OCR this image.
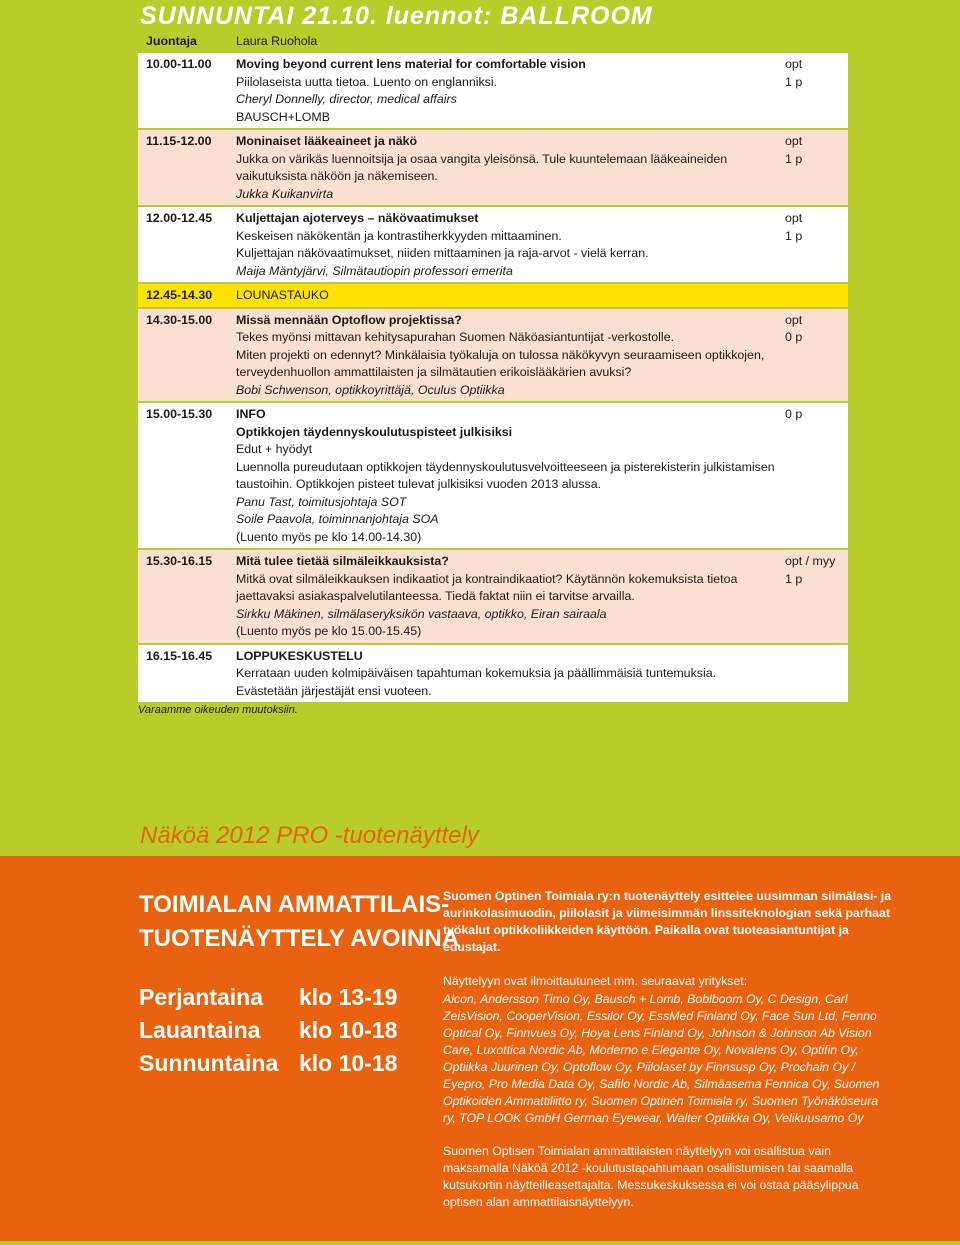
SUNNUNTAI 21.10. luennot: BALLROOM
Juontaja	Laura Ruohola
10.00-11.00 Moving beyond current lens material for comfortable vision
Piilolaseista uutta tietoa. Luento on englanniksi.
Cheryl Donnelly, director, medical affairs
BAUSCH+LOMB
opt
1 p
11.15-12.00 Moninaiset lääkeaineet ja näkö
Jukka on värikäs luennoitsija ja osaa vangita yleisönsä. Tule kuuntelemaan lääkeaineiden vaikutuksista näköön ja näkemiseen.
Jukka Kuikanvirta
opt
1 p
12.00-12.45 Kuljettajan ajoterveys – näkövaatimukset
Keskeisen näkökentän ja kontrastiherkkyyden mittaaminen.
Kuljettajan näkövaatimukset, niiden mittaaminen ja raja-arvot - vielä kerran.
Maija Mäntyjärvi, Silmätautiopin professori emerita
opt
1 p
12.45-14.30 LOUNASTAUKO
14.30-15.00 Missä mennään Optoflow projektissa?
Tekes myönsi mittavan kehitysapurahan Suomen Näköasiantuntijat -verkostolle.
Miten projekti on edennyt? Minkälaisia työkaluja on tulossa näkökyvyn seuraamiseen optikkojen, terveydenhuollon ammattilaisten ja silmätautien erikoislääkärien avuksi?
Bobi Schwenson, optikkoyrittäjä, Oculus Optiikka
opt
0 p
15.00-15.30 INFO
Optikkojen täydennyskoulutuspisteet julkisiksi
Edut + hyödyt
Luennolla pureudutaan optikkojen täydennyskoulutusvelvoitteeseen ja pisterekisterin julkistamisen taustoihin. Optikkojen pisteet tulevat julkisiksi vuoden 2013 alussa.
Panu Tast, toimitusjohtaja SOT
Soile Paavola, toiminnanjohtaja SOA
(Luento myös pe klo 14.00-14.30)
0 p
15.30-16.15 Mitä tulee tietää silmäleikkauksista?
Mitkä ovat silmäleikkauksen indikaatiot ja kontraindikaatiot? Käytännön kokemuksista tietoa jaettavaksi asiakaspalvelutilanteessa. Tiedä faktat niin ei tarvitse arvailla.
Sirkku Mäkinen, silmälaseryksikön vastaava, optikko, Eiran sairaala
(Luento myös pe klo 15.00-15.45)
opt / myy
1 p
16.15-16.45 LOPPUKESKUSTELU
Kerrataan uuden kolmipäiväisen tapahtuman kokemuksia ja päällimmäisiä tuntemuksia. Evästetään järjestäjät ensi vuoteen.
Varaamme oikeuden muutoksiin.
Näköä 2012 PRO -tuotenäyttely
TOIMIALAN AMMATTILAIS-
TUOTENÄYTTELY AVOINNA
Perjantaina klo 13-19
Lauantaina klo 10-18
Sunnuntaina klo 10-18
Suomen Optinen Toimiala ry:n tuotenäyttely esittelee uusimman silmälasi- ja aurinkolasimuodin, piilolasit ja viimeisimmän linssiteknologian sekä parhaat työkalut optikkoliikkeiden käyttöön. Paikalla ovat tuoteasiantuntijat ja edustajat.
Näyttelyyn ovat ilmoittautuneet mm. seuraavat yritykset:
Alcon, Andersson Timo Oy, Bausch + Lomb, Boblboom Oy, C Design, Carl ZeisVision, CooperVision, Essilor Oy, EssMed Finland Oy, Face Sun Ltd, Fenno Optical Oy, Finnvues Oy, Hoya Lens Finland Oy, Johnson & Johnson Ab Vision Care, Luxottica Nordic Ab, Moderno e Elegante Oy, Novalens Oy, Optifin Oy, Optiikka Juurinen Oy, Optoflow Oy, Piilolaset by Finnsusp Oy, Prochain Oy / Eyepro, Pro Media Data Oy, Safilo Nordic Ab, Silmäasema Fennica Oy, Suomen Optikoiden Ammattiliitto ry, Suomen Optinen Toimiala ry, Suomen Työnäköseura ry, TOP LOOK GmbH Gerrnan Eyewear, Walter Optiikka Oy, Velikuusamo Oy
Suomen Optisen Toimialan ammattilaisten näyttelyyn voi osallistua vain maksamalla Näköä 2012 -koulutustapahtumaan osallistumisen tai saamalla kutsukortin näytteilleasettajalta. Messukeskuksessa ei voi ostaa pääsylippua optisen alan ammattilaisnäyttelyyn.
